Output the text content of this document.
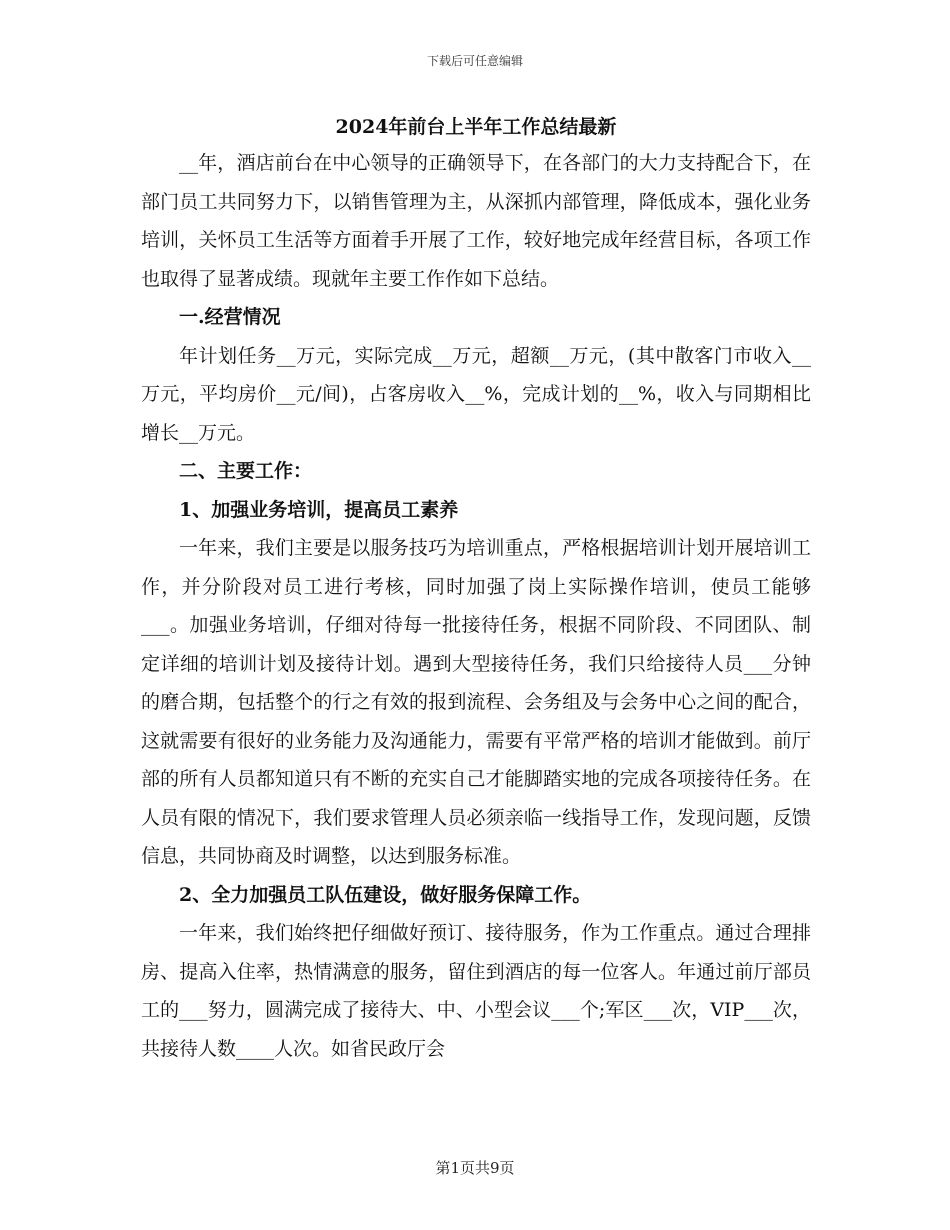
下载后可任意编辑
2024年前台上半年工作总结最新

__年，酒店前台在中心领导的正确领导下，在各部门的大力支持配合下，在部门员工共同努力下，以销售管理为主，从深抓内部管理，降低成本，强化业务培训，关怀员工生活等方面着手开展了工作，较好地完成年经营目标，各项工作也取得了显著成绩。现就年主要工作作如下总结。

一.经营情况

年计划任务__万元，实际完成__万元，超额__万元，(其中散客门市收入__万元，平均房价__元/间)，占客房收入__%，完成计划的__%，收入与同期相比增长__万元。

二、主要工作：

1、加强业务培训，提高员工素养

一年来，我们主要是以服务技巧为培训重点，严格根据培训计划开展培训工作，并分阶段对员工进行考核，同时加强了岗上实际操作培训，使员工能够___。加强业务培训，仔细对待每一批接待任务，根据不同阶段、不同团队、制定详细的培训计划及接待计划。遇到大型接待任务，我们只给接待人员___分钟的磨合期，包括整个的行之有效的报到流程、会务组及与会务中心之间的配合，这就需要有很好的业务能力及沟通能力，需要有平常严格的培训才能做到。前厅部的所有人员都知道只有不断的充实自己才能脚踏实地的完成各项接待任务。在人员有限的情况下，我们要求管理人员必须亲临一线指导工作，发现问题，反馈信息，共同协商及时调整，以达到服务标准。

2、全力加强员工队伍建设，做好服务保障工作。

一年来，我们始终把仔细做好预订、接待服务，作为工作重点。通过合理排房、提高入住率，热情满意的服务，留住到酒店的每一位客人。年通过前厅部员工的___努力，圆满完成了接待大、中、小型会议___个;军区___次，VIP___次，共接待人数____人次。如省民政厅会

第1页共9页
